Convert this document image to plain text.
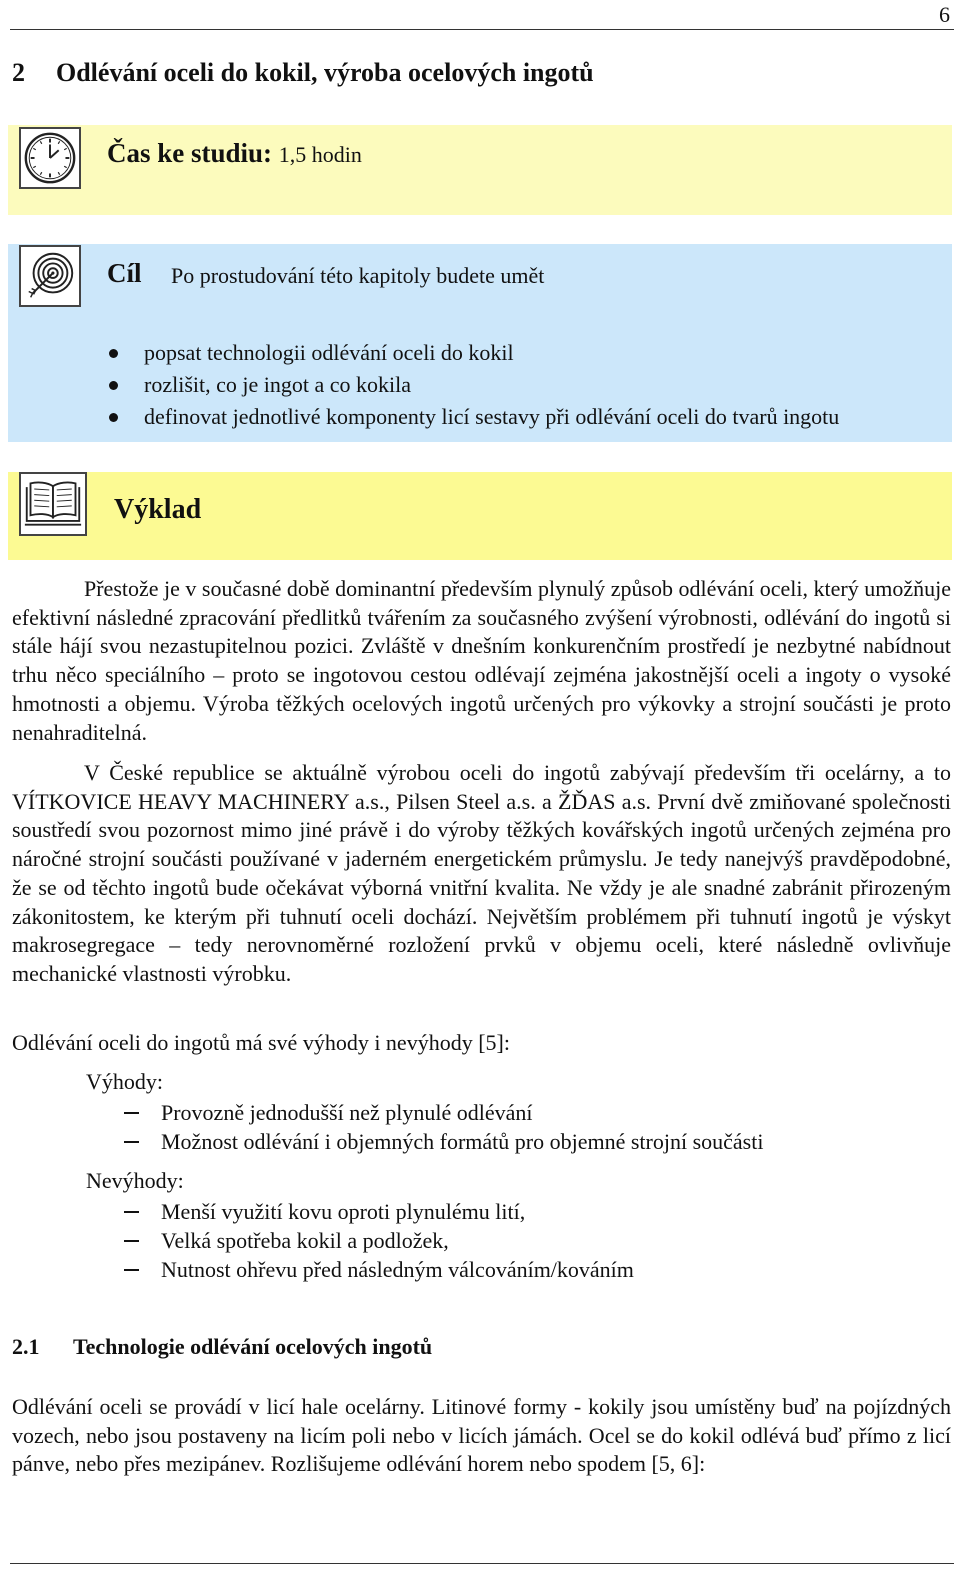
6
2 Odlévání oceli do kokil, výroba ocelových ingotů
Čas ke studiu: 1,5 hodin
Cíl Po prostudování této kapitoly budete umět
popsat technologii odlévání oceli do kokil
rozlišit, co je ingot a co kokila
definovat jednotlivé komponenty licí sestavy při odlévání oceli do tvarů ingotu
Výklad

Přestože je v současné době dominantní především plynulý způsob odlévání oceli, který umožňuje efektivní následné zpracování předlitků tvářením za současného zvýšení výrobnosti, odlévání do ingotů si stále hájí svou nezastupitelnou pozici. Zvláště v dnešním konkurenčním prostředí je nezbytné nabídnout trhu něco speciálního – proto se ingotovou cestou odlévají zejména jakostnější oceli a ingoty o vysoké hmotnosti a objemu. Výroba těžkých ocelových ingotů určených pro výkovky a strojní součásti je proto nenahraditelná.

V České republice se aktuálně výrobou oceli do ingotů zabývají především tři ocelárny, a to VÍTKOVICE HEAVY MACHINERY a.s., Pilsen Steel a.s. a ŽĎAS a.s. První dvě zmiňované společnosti soustředí svou pozornost mimo jiné právě i do výroby těžkých kovářských ingotů určených zejména pro náročné strojní součásti používané v jaderném energetickém průmyslu. Je tedy nanejvýš pravděpodobné, že se od těchto ingotů bude očekávat výborná vnitřní kvalita. Ne vždy je ale snadné zabránit přirozeným zákonitostem, ke kterým při tuhnutí oceli dochází. Největším problémem při tuhnutí ingotů je výskyt makrosegregace – tedy nerovnoměrné rozložení prvků v objemu oceli, které následně ovlivňuje mechanické vlastnosti výrobku.

Odlévání oceli do ingotů má své výhody i nevýhody [5]:

Výhody:
Provozně jednodušší než plynulé odlévání
Možnost odlévání i objemných formátů pro objemné strojní součásti
Nevýhody:
Menší využití kovu oproti plynulému lití,
Velká spotřeba kokil a podložek,
Nutnost ohřevu před následným válcováním/kováním
2.1 Technologie odlévání ocelových ingotů

Odlévání oceli se provádí v licí hale ocelárny. Litinové formy - kokily jsou umístěny buď na pojízdných vozech, nebo jsou postaveny na licím poli nebo v licích jámách. Ocel se do kokil odlévá buď přímo z licí pánve, nebo přes mezipánev. Rozlišujeme odlévání horem nebo spodem [5, 6]:
